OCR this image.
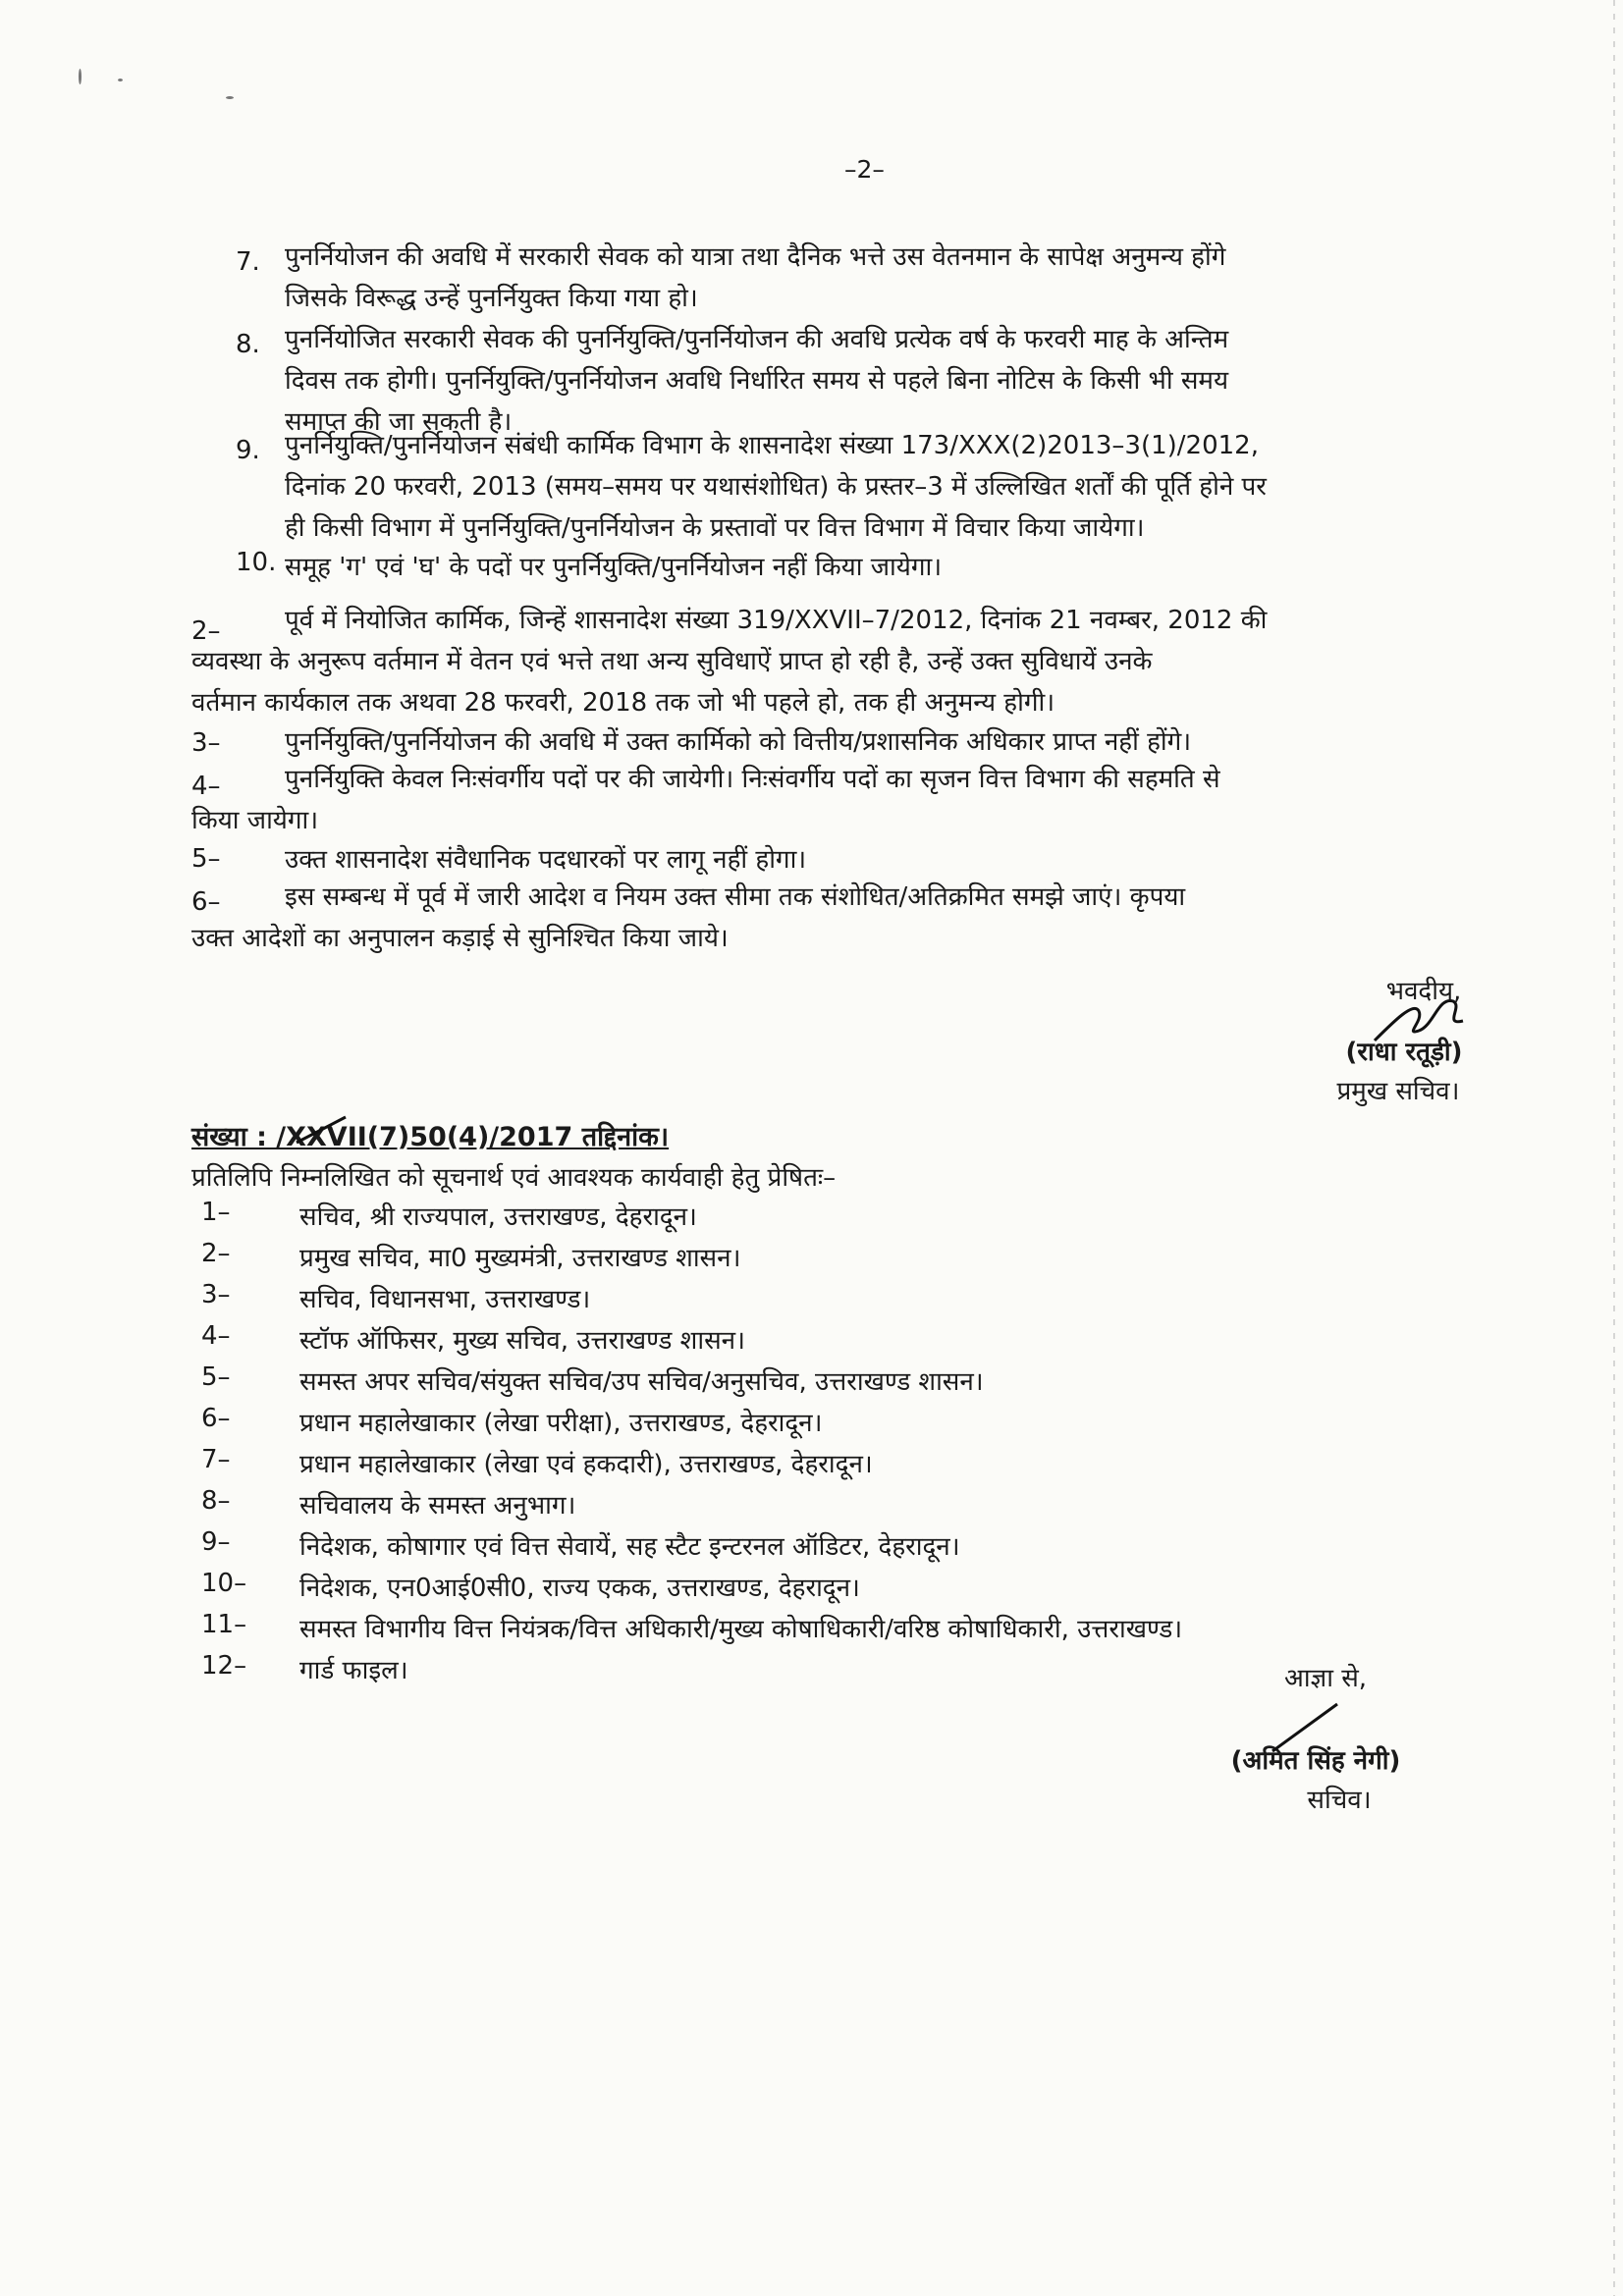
–2–
7. पुनर्नियोजन की अवधि में सरकारी सेवक को यात्रा तथा दैनिक भत्ते उस वेतनमान के सापेक्ष अनुमन्य होंगे
जिसके विरूद्ध उन्हें पुनर्नियुक्त किया गया हो।
8. पुनर्नियोजित सरकारी सेवक की पुनर्नियुक्ति/पुनर्नियोजन की अवधि प्रत्येक वर्ष के फरवरी माह के अन्तिम
दिवस तक होगी। पुनर्नियुक्ति/पुनर्नियोजन अवधि निर्धारित समय से पहले बिना नोटिस के किसी भी समय
समाप्त की जा सकती है।
9. पुनर्नियुक्ति/पुनर्नियोजन संबंधी कार्मिक विभाग के शासनादेश संख्या 173/XXX(2)2013–3(1)/2012,
दिनांक 20 फरवरी, 2013 (समय–समय पर यथासंशोधित) के प्रस्तर–3 में उल्लिखित शर्तों की पूर्ति होने पर
ही किसी विभाग में पुनर्नियुक्ति/पुनर्नियोजन के प्रस्तावों पर वित्त विभाग में विचार किया जायेगा।
10. समूह 'ग' एवं 'घ' के पदों पर पुनर्नियुक्ति/पुनर्नियोजन नहीं किया जायेगा।
2–	पूर्व में नियोजित कार्मिक, जिन्हें शासनादेश संख्या 319/XXVII–7/2012, दिनांक 21 नवम्बर, 2012 की
व्यवस्था के अनुरूप वर्तमान में वेतन एवं भत्ते तथा अन्य सुविधाऐं प्राप्त हो रही है, उन्हें उक्त सुविधायें उनके
वर्तमान कार्यकाल तक अथवा 28 फरवरी, 2018 तक जो भी पहले हो, तक ही अनुमन्य होगी।
3–	पुनर्नियुक्ति/पुनर्नियोजन की अवधि में उक्त कार्मिको को वित्तीय/प्रशासनिक अधिकार प्राप्त नहीं होंगे।
4–	पुनर्नियुक्ति केवल निःसंवर्गीय पदों पर की जायेगी। निःसंवर्गीय पदों का सृजन वित्त विभाग की सहमति से
किया जायेगा।
5–	उक्त शासनादेश संवैधानिक पदधारकों पर लागू नहीं होगा।
6–	इस सम्बन्ध में पूर्व में जारी आदेश व नियम उक्त सीमा तक संशोधित/अतिक्रमित समझे जाएं। कृपया
उक्त आदेशों का अनुपालन कड़ाई से सुनिश्चित किया जाये।
भवदीय,
(राधा रतूड़ी)
प्रमुख सचिव।
संख्या : /XXVII(7)50(4)/2017 तद्दिनांक।
प्रतिलिपि निम्नलिखित को सूचनार्थ एवं आवश्यक कार्यवाही हेतु प्रेषितः–
1–	सचिव, श्री राज्यपाल, उत्तराखण्ड, देहरादून।
2–	प्रमुख सचिव, मा0 मुख्यमंत्री, उत्तराखण्ड शासन।
3–	सचिव, विधानसभा, उत्तराखण्ड।
4–	स्टॉफ ऑफिसर, मुख्य सचिव, उत्तराखण्ड शासन।
5–	समस्त अपर सचिव/संयुक्त सचिव/उप सचिव/अनुसचिव, उत्तराखण्ड शासन।
6–	प्रधान महालेखाकार (लेखा परीक्षा), उत्तराखण्ड, देहरादून।
7–	प्रधान महालेखाकार (लेखा एवं हकदारी), उत्तराखण्ड, देहरादून।
8–	सचिवालय के समस्त अनुभाग।
9–	निदेशक, कोषागार एवं वित्त सेवायें, सह स्टैट इन्टरनल ऑडिटर, देहरादून।
10–	निदेशक, एन0आई0सी0, राज्य एकक, उत्तराखण्ड, देहरादून।
11–	समस्त विभागीय वित्त नियंत्रक/वित्त अधिकारी/मुख्य कोषाधिकारी/वरिष्ठ कोषाधिकारी, उत्तराखण्ड।
12–	गार्ड फाइल।	आज्ञा से,
(अमित सिंह नेगी)
सचिव।
